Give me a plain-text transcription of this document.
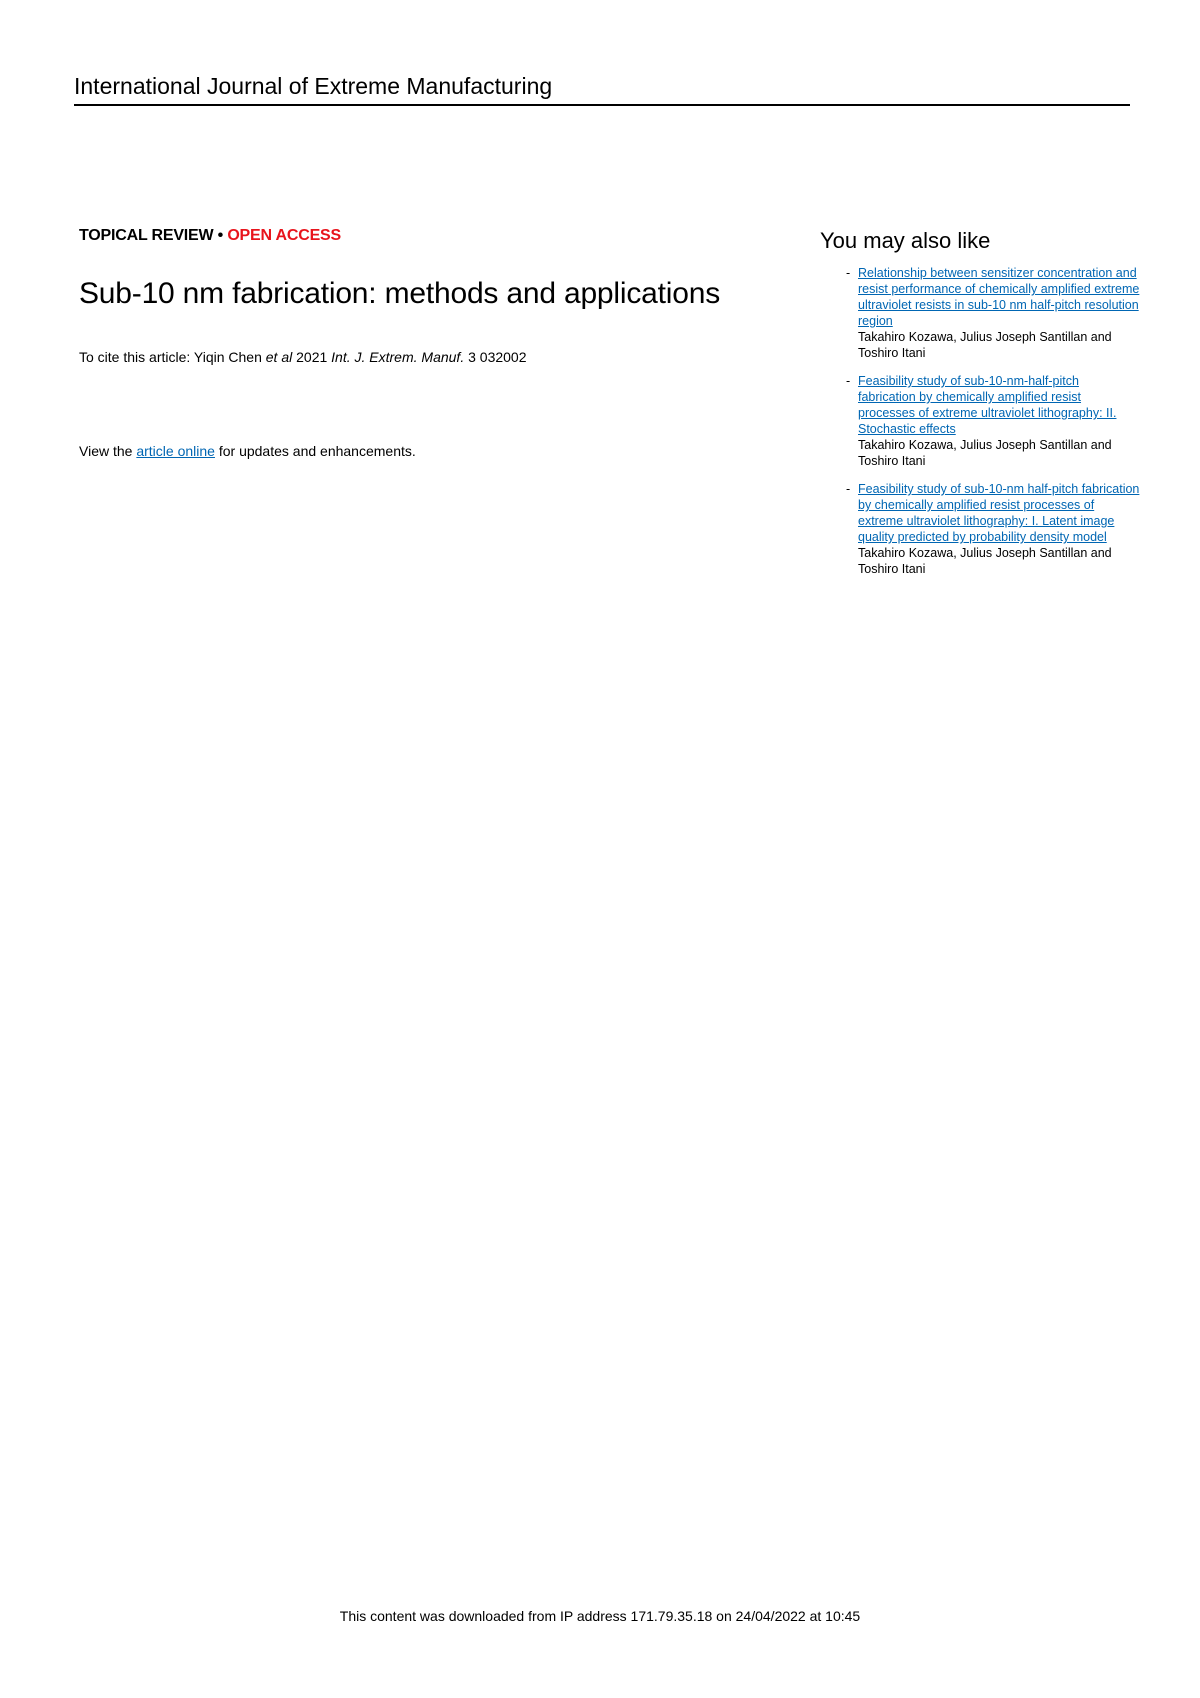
International Journal of Extreme Manufacturing
TOPICAL REVIEW • OPEN ACCESS
Sub-10 nm fabrication: methods and applications
To cite this article: Yiqin Chen et al 2021 Int. J. Extrem. Manuf. 3 032002
View the article online for updates and enhancements.
You may also like
- Relationship between sensitizer concentration and resist performance of chemically amplified extreme ultraviolet resists in sub-10 nm half-pitch resolution region
Takahiro Kozawa, Julius Joseph Santillan and Toshiro Itani
- Feasibility study of sub-10-nm-half-pitch fabrication by chemically amplified resist processes of extreme ultraviolet lithography: II. Stochastic effects
Takahiro Kozawa, Julius Joseph Santillan and Toshiro Itani
- Feasibility study of sub-10-nm half-pitch fabrication by chemically amplified resist processes of extreme ultraviolet lithography: I. Latent image quality predicted by probability density model
Takahiro Kozawa, Julius Joseph Santillan and Toshiro Itani
This content was downloaded from IP address 171.79.35.18 on 24/04/2022 at 10:45
